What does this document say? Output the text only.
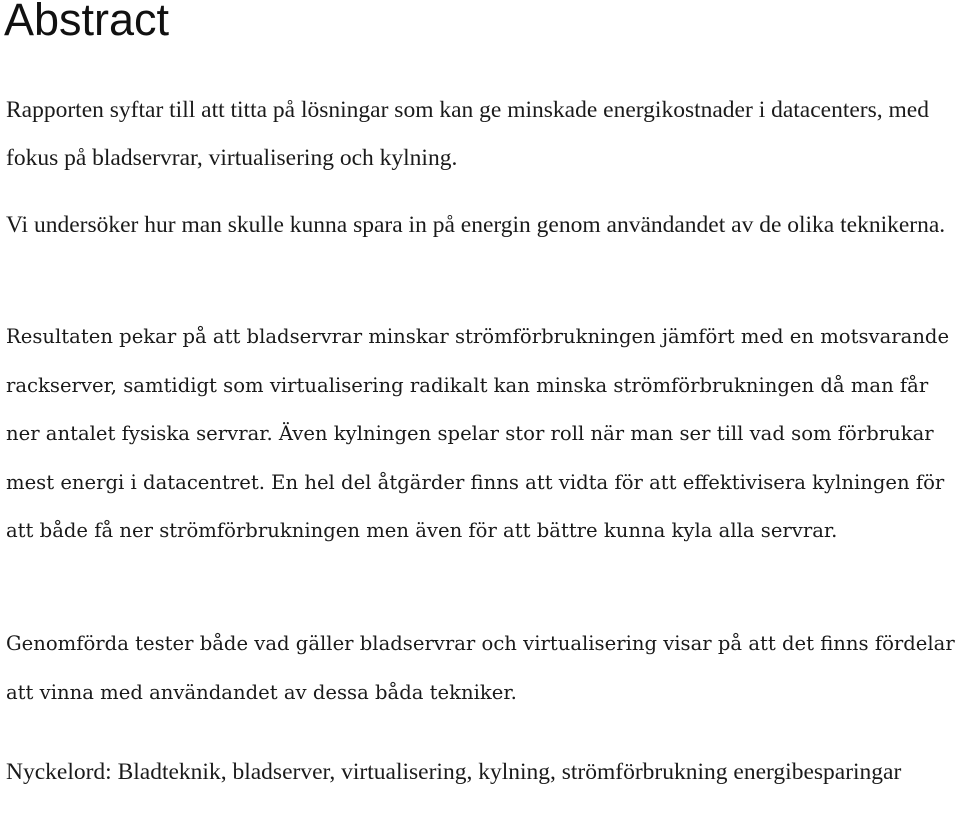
Abstract

Rapporten syftar till att titta på lösningar som kan ge minskade energikostnader i datacenters, med fokus på bladservrar, virtualisering och kylning.

Vi undersöker hur man skulle kunna spara in på energin genom användandet av de olika teknikerna.

Resultaten pekar på att bladservrar minskar strömförbrukningen jämfört med en motsvarande rackserver, samtidigt som virtualisering radikalt kan minska strömförbrukningen då man får ner antalet fysiska servrar. Även kylningen spelar stor roll när man ser till vad som förbrukar mest energi i datacentret. En hel del åtgärder finns att vidta för att effektivisera kylningen för att både få ner strömförbrukningen men även för att bättre kunna kyla alla servrar.

Genomförda tester både vad gäller bladservrar och virtualisering visar på att det finns fördelar att vinna med användandet av dessa båda tekniker.

Nyckelord: Bladteknik, bladserver, virtualisering, kylning, strömförbrukning energibesparingar
